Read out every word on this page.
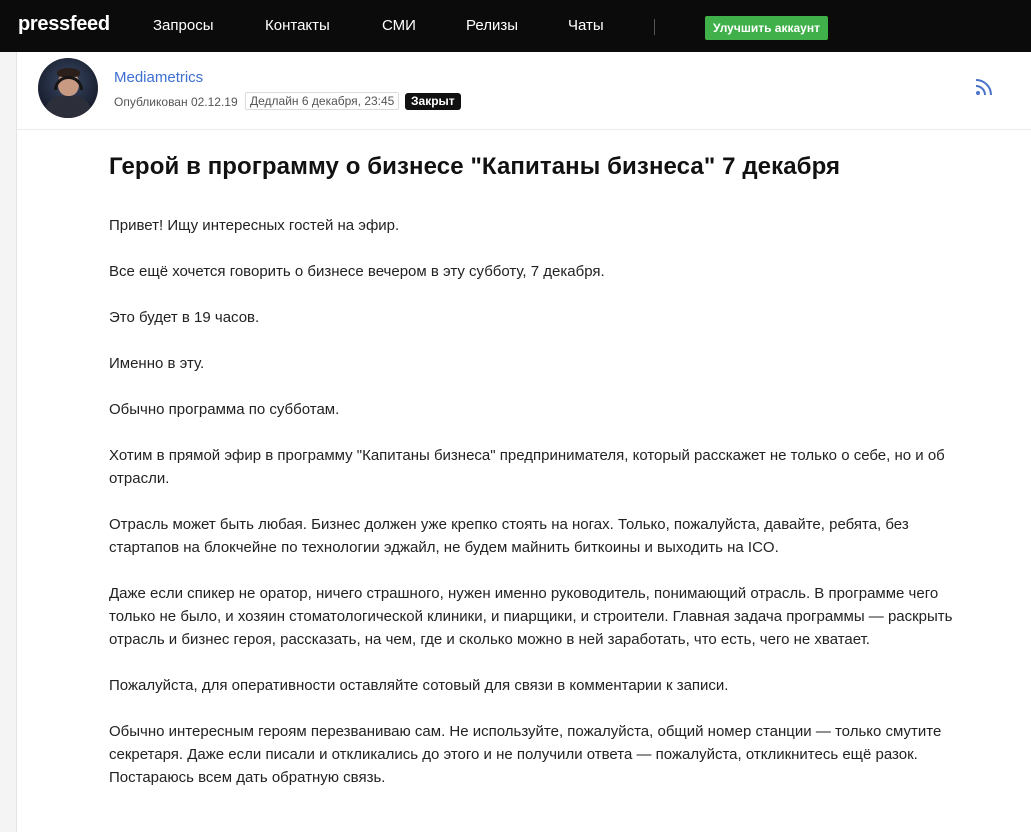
pressfeed	Запросы	Контакты	СМИ	Релизы	Чаты	Улучшить аккаунт
Mediametrics
Опубликован 02.12.19	Дедлайн 6 декабря, 23:45	Закрыт
Герой в программу о бизнесе "Капитаны бизнеса" 7 декабря

Привет! Ищу интересных гостей на эфир.

Все ещё хочется говорить о бизнесе вечером в эту субботу, 7 декабря.

Это будет в 19 часов.

Именно в эту.

Обычно программа по субботам.

Хотим в прямой эфир в программу "Капитаны бизнеса" предпринимателя, который расскажет не только о себе, но и об отрасли.

Отрасль может быть любая. Бизнес должен уже крепко стоять на ногах. Только, пожалуйста, давайте, ребята, без стартапов на блокчейне по технологии эджайл, не будем майнить биткоины и выходить на ICO.

Даже если спикер не оратор, ничего страшного, нужен именно руководитель, понимающий отрасль. В программе чего только не было, и хозяин стоматологической клиники, и пиарщики, и строители. Главная задача программы — раскрыть отрасль и бизнес героя, рассказать, на чем, где и сколько можно в ней заработать, что есть, чего не хватает.

Пожалуйста, для оперативности оставляйте сотовый для связи в комментарии к записи.

Обычно интересным героям перезваниваю сам. Не используйте, пожалуйста, общий номер станции — только смутите секретаря. Даже если писали и откликались до этого и не получили ответа — пожалуйста, откликнитесь ещё разок. Постараюсь всем дать обратную связь.
